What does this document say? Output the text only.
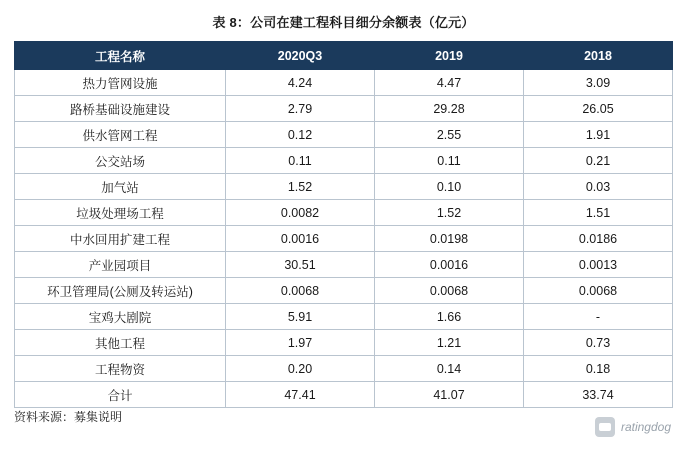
表 8：公司在建工程科目细分余额表（亿元）
工程名称	2020Q3	2019	2018
热力管网设施	4.24	4.47	3.09
路桥基础设施建设	2.79	29.28	26.05
供水管网工程	0.12	2.55	1.91
公交站场	0.11	0.11	0.21
加气站	1.52	0.10	0.03
垃圾处理场工程	0.0082	1.52	1.51
中水回用扩建工程	0.0016	0.0198	0.0186
产业园项目	30.51	0.0016	0.0013
环卫管理局(公厕及转运站)	0.0068	0.0068	0.0068
宝鸡大剧院	5.91	1.66	-
其他工程	1.97	1.21	0.73
工程物资	0.20	0.14	0.18
合计	47.41	41.07	33.74
资料来源：募集说明
ratingdog
